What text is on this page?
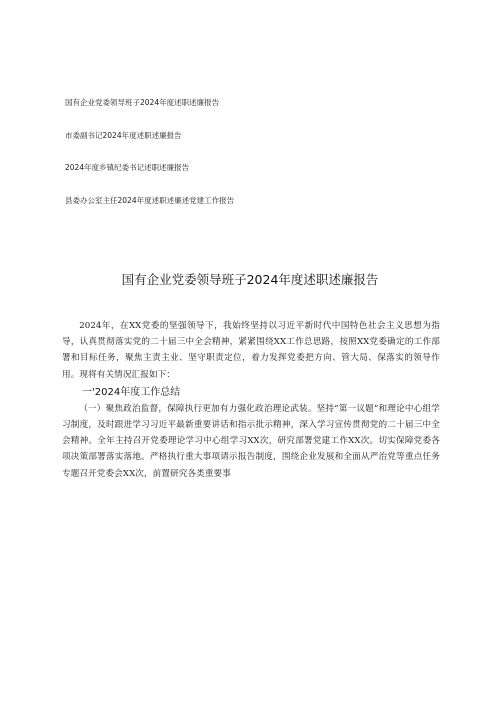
国有企业党委领导班子2024年度述职述廉报告
市委副书记2024年度述职述廉报告
2024年度乡镇纪委书记述职述廉报告
县委办公室主任2024年度述职述廉述党建工作报告
国有企业党委领导班子2024年度述职述廉报告

2024年，在XX党委的坚强领导下，我始终坚持以习近平新时代中国特色社会主义思想为指导，认真贯彻落实党的二十届三中全会精神，紧紧围绕XX工作总思路，按照XX党委确定的工作部署和目标任务，聚焦主责主业、坚守职责定位，着力发挥党委把方向、管大局、保落实的领导作用。现将有关情况汇报如下：

一'2024年度工作总结

（一）聚焦政治监督，保障执行更加有力强化政治理论武装。坚持“第一议题”和理论中心组学习制度，及时跟进学习习近平最新重要讲话和指示批示精神，深入学习宣传贯彻党的二十届三中全会精神。全年主持召开党委理论学习中心组学习XX次，研究部署党建工作XX次。切实保障党委各项决策部署落实落地。严格执行重大事项请示报告制度，围绕企业发展和全面从严治党等重点任务专题召开党委会XX次，前置研究各类重要事
